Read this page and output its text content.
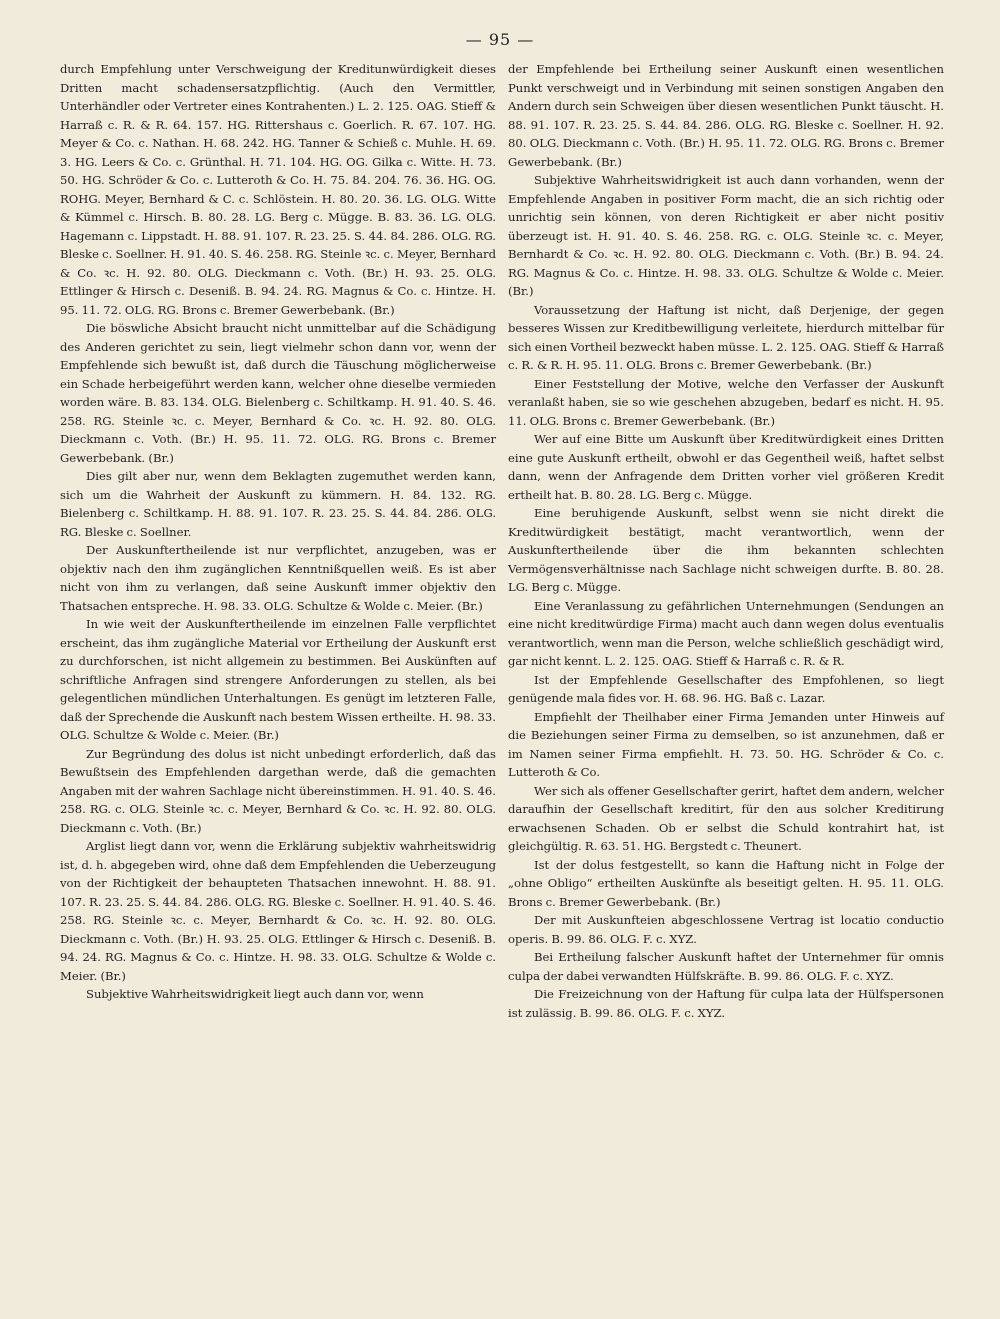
— 95 —

durch Empfehlung unter Verschweigung der Kreditunwürdigkeit dieses Dritten macht schadensersatzpflichtig. (Auch den Vermittler, Unterhändler oder Vertreter eines Kontrahenten.) L. 2. 125. OAG. Stieff & Harraß c. R. & R. 64. 157. HG. Rittershaus c. Goerlich. R. 67. 107. HG. Meyer & Co. c. Nathan. H. 68. 242. HG. Tanner & Schieß c. Muhle. H. 69. 3. HG. Leers & Co. c. Grünthal. H. 71. 104. HG. OG. Gilka c. Witte. H. 73. 50. HG. Schröder & Co. c. Lutteroth & Co. H. 75. 84. 204. 76. 36. HG. OG. ROHG. Meyer, Bernhard & C. c. Schlöstein. H. 80. 20. 36. LG. OLG. Witte & Kümmel c. Hirsch. B. 80. 28. LG. Berg c. Mügge. B. 83. 36. LG. OLG. Hagemann c. Lippstadt. H. 88. 91. 107. R. 23. 25. S. 44. 84. 286. OLG. RG. Bleske c. Soellner. H. 91. 40. S. 46. 258. RG. Steinle ꝛc. c. Meyer, Bernhard & Co. ꝛc. H. 92. 80. OLG. Dieckmann c. Voth. (Br.) H. 93. 25. OLG. Ettlinger & Hirsch c. Deseniß. B. 94. 24. RG. Magnus & Co. c. Hintze. H. 95. 11. 72. OLG. RG. Brons c. Bremer Gewerbebank. (Br.)

Die böswliche Absicht braucht nicht unmittelbar auf die Schädigung des Anderen gerichtet zu sein, liegt vielmehr schon dann vor, wenn der Empfehlende sich bewußt ist, daß durch die Täuschung möglicherweise ein Schade herbeigeführt werden kann, welcher ohne dieselbe vermieden worden wäre. B. 83. 134. OLG. Bielenberg c. Schiltkamp. H. 91. 40. S. 46. 258. RG. Steinle ꝛc. c. Meyer, Bernhard & Co. ꝛc. H. 92. 80. OLG. Dieckmann c. Voth. (Br.) H. 95. 11. 72. OLG. RG. Brons c. Bremer Gewerbebank. (Br.)

Dies gilt aber nur, wenn dem Beklagten zugemuthet werden kann, sich um die Wahrheit der Auskunft zu kümmern. H. 84. 132. RG. Bielenberg c. Schiltkamp. H. 88. 91. 107. R. 23. 25. S. 44. 84. 286. OLG. RG. Bleske c. Soellner.

Der Auskunftertheilende ist nur verpflichtet, anzugeben, was er objektiv nach den ihm zugänglichen Kenntnißquellen weiß. Es ist aber nicht von ihm zu verlangen, daß seine Auskunft immer objektiv den Thatsachen entspreche. H. 98. 33. OLG. Schultze & Wolde c. Meier. (Br.)

In wie weit der Auskunftertheilende im einzelnen Falle verpflichtet erscheint, das ihm zugängliche Material vor Ertheilung der Auskunft erst zu durchforschen, ist nicht allgemein zu bestimmen. Bei Auskünften auf schriftliche Anfragen sind strengere Anforderungen zu stellen, als bei gelegentlichen mündlichen Unterhaltungen. Es genügt im letzteren Falle, daß der Sprechende die Auskunft nach bestem Wissen ertheilte. H. 98. 33. OLG. Schultze & Wolde c. Meier. (Br.)

Zur Begründung des dolus ist nicht unbedingt erforderlich, daß das Bewußtsein des Empfehlenden dargethan werde, daß die gemachten Angaben mit der wahren Sachlage nicht übereinstimmen. H. 91. 40. S. 46. 258. RG. c. OLG. Steinle ꝛc. c. Meyer, Bernhard & Co. ꝛc. H. 92. 80. OLG. Dieckmann c. Voth. (Br.)

Arglist liegt dann vor, wenn die Erklärung subjektiv wahrheitswidrig ist, d. h. abgegeben wird, ohne daß dem Empfehlenden die Ueberzeugung von der Richtigkeit der behaupteten Thatsachen innewohnt. H. 88. 91. 107. R. 23. 25. S. 44. 84. 286. OLG. RG. Bleske c. Soellner. H. 91. 40. S. 46. 258. RG. Steinle ꝛc. c. Meyer, Bernhardt & Co. ꝛc. H. 92. 80. OLG. Dieckmann c. Voth. (Br.) H. 93. 25. OLG. Ettlinger & Hirsch c. Deseniß. B. 94. 24. RG. Magnus & Co. c. Hintze. H. 98. 33. OLG. Schultze & Wolde c. Meier. (Br.)

Subjektive Wahrheitswidrigkeit liegt auch dann vor, wenn

der Empfehlende bei Ertheilung seiner Auskunft einen wesentlichen Punkt verschweigt und in Verbindung mit seinen sonstigen Angaben den Andern durch sein Schweigen über diesen wesentlichen Punkt täuscht. H. 88. 91. 107. R. 23. 25. S. 44. 84. 286. OLG. RG. Bleske c. Soellner. H. 92. 80. OLG. Dieckmann c. Voth. (Br.) H. 95. 11. 72. OLG. RG. Brons c. Bremer Gewerbebank. (Br.)

Subjektive Wahrheitswidrigkeit ist auch dann vorhanden, wenn der Empfehlende Angaben in positiver Form macht, die an sich richtig oder unrichtig sein können, von deren Richtigkeit er aber nicht positiv überzeugt ist. H. 91. 40. S. 46. 258. RG. c. OLG. Steinle ꝛc. c. Meyer, Bernhardt & Co. ꝛc. H. 92. 80. OLG. Dieckmann c. Voth. (Br.) B. 94. 24. RG. Magnus & Co. c. Hintze. H. 98. 33. OLG. Schultze & Wolde c. Meier. (Br.)

Voraussetzung der Haftung ist nicht, daß Derjenige, der gegen besseres Wissen zur Kreditbewilligung verleitete, hierdurch mittelbar für sich einen Vortheil bezweckt haben müsse. L. 2. 125. OAG. Stieff & Harraß c. R. & R. H. 95. 11. OLG. Brons c. Bremer Gewerbebank. (Br.)

Einer Feststellung der Motive, welche den Verfasser der Auskunft veranlaßt haben, sie so wie geschehen abzugeben, bedarf es nicht. H. 95. 11. OLG. Brons c. Bremer Gewerbebank. (Br.)

Wer auf eine Bitte um Auskunft über Kreditwürdigkeit eines Dritten eine gute Auskunft ertheilt, obwohl er das Gegentheil weiß, haftet selbst dann, wenn der Anfragende dem Dritten vorher viel größeren Kredit ertheilt hat. B. 80. 28. LG. Berg c. Mügge.

Eine beruhigende Auskunft, selbst wenn sie nicht direkt die Kreditwürdigkeit bestätigt, macht verantwortlich, wenn der Auskunftertheilende über die ihm bekannten schlechten Vermögensverhältnisse nach Sachlage nicht schweigen durfte. B. 80. 28. LG. Berg c. Mügge.

Eine Veranlassung zu gefährlichen Unternehmungen (Sendungen an eine nicht kreditwürdige Firma) macht auch dann wegen dolus eventualis verantwortlich, wenn man die Person, welche schließlich geschädigt wird, gar nicht kennt. L. 2. 125. OAG. Stieff & Harraß c. R. & R.

Ist der Empfehlende Gesellschafter des Empfohlenen, so liegt genügende mala fides vor. H. 68. 96. HG. Baß c. Lazar.

Empfiehlt der Theilhaber einer Firma Jemanden unter Hinweis auf die Beziehungen seiner Firma zu demselben, so ist anzunehmen, daß er im Namen seiner Firma empfiehlt. H. 73. 50. HG. Schröder & Co. c. Lutteroth & Co.

Wer sich als offener Gesellschafter gerirt, haftet dem andern, welcher daraufhin der Gesellschaft kreditirt, für den aus solcher Kreditirung erwachsenen Schaden. Ob er selbst die Schuld kontrahirt hat, ist gleichgültig. R. 63. 51. HG. Bergstedt c. Theunert.

Ist der dolus festgestellt, so kann die Haftung nicht in Folge der „ohne Obligo“ ertheilten Auskünfte als beseitigt gelten. H. 95. 11. OLG. Brons c. Bremer Gewerbebank. (Br.)

Der mit Auskunfteien abgeschlossene Vertrag ist locatio conductio operis. B. 99. 86. OLG. F. c. XYZ.

Bei Ertheilung falscher Auskunft haftet der Unternehmer für omnis culpa der dabei verwandten Hülfskräfte. B. 99. 86. OLG. F. c. XYZ.

Die Freizeichnung von der Haftung für culpa lata der Hülfspersonen ist zulässig. B. 99. 86. OLG. F. c. XYZ.
